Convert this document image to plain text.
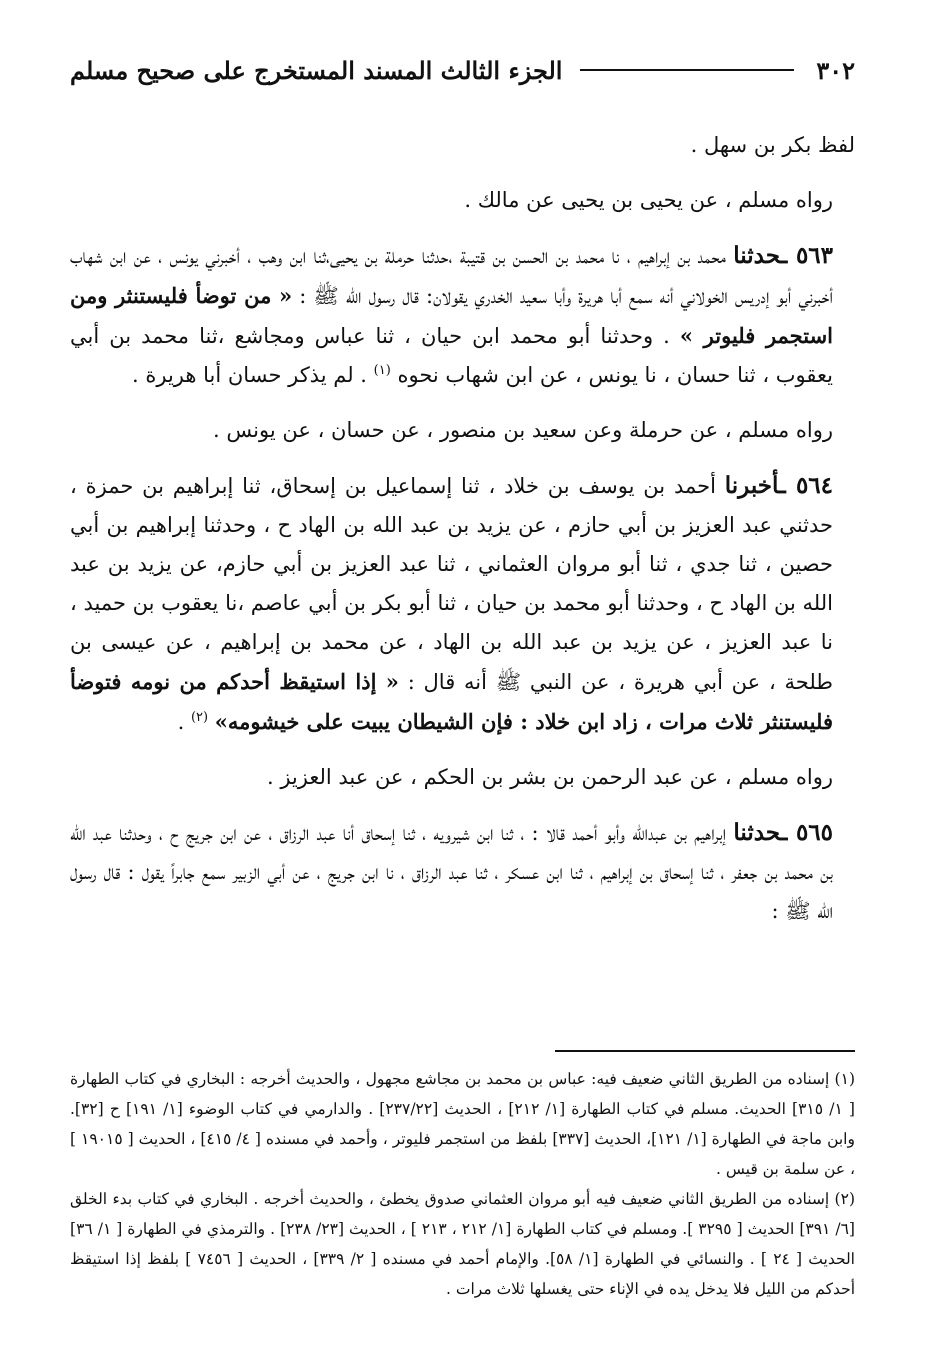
٣٠٢
الجزء الثالث المسند المستخرج على صحيح مسلم

لفظ بكر بن سهل .

رواه مسلم ، عن يحيى بن يحيى عن مالك .

٥٦٣ ـحدثنا محمد بن إبراهيم ، نا محمد بن الحسن بن قتيبة ،حدثنا حرملة بن يحيى،ثنا ابن وهب ، أخبرني يونس ، عن ابن شهاب أخبرني أبو إدريس الخولاني أنه سمع أبا هريرة وأبا سعيد الخدري يقولان: قال رسول الله ﷺ : « من توضأ فليستنثر ومن استجمر فليوتر » . وحدثنا أبو محمد ابن حيان ، ثنا عباس ومجاشع ،ثنا محمد بن أبي يعقوب ، ثنا حسان ، نا يونس ، عن ابن شهاب نحوه $^{(١)}$ . لم يذكر حسان أبا هريرة .

رواه مسلم ، عن حرملة وعن سعيد بن منصور ، عن حسان ، عن يونس .

٥٦٤ ـأخبرنا أحمد بن يوسف بن خلاد ، ثنا إسماعيل بن إسحاق، ثنا إبراهيم بن حمزة ، حدثني عبد العزيز بن أبي حازم ، عن يزيد بن عبد الله بن الهاد ح ، وحدثنا إبراهيم بن أبي حصين ، ثنا جدي ، ثنا أبو مروان العثماني ، ثنا عبد العزيز بن أبي حازم، عن يزيد بن عبد الله بن الهاد ح ، وحدثنا أبو محمد بن حيان ، ثنا أبو بكر بن أبي عاصم ،نا يعقوب بن حميد ، نا عبد العزيز ، عن يزيد بن عبد الله بن الهاد ، عن محمد بن إبراهيم ، عن عيسى بن طلحة ، عن أبي هريرة ، عن النبي ﷺ أنه قال : « إذا استيقظ أحدكم من نومه فتوضأ فليستنثر ثلاث مرات ، زاد ابن خلاد : فإن الشيطان يبيت على خيشومه» $^{(٢)}$ .

رواه مسلم ، عن عبد الرحمن بن بشر بن الحكم ، عن عبد العزيز .

٥٦٥ ـحدثنا إبراهيم بن عبدالله وأبو أحمد قالا : ، ثنا ابن شيرويه ، ثنا إسحاق أنا عبد الرزاق ، عن ابن جريج ح ، وحدثنا عبد الله بن محمد بن جعفر ، ثنا إسحاق بن إبراهيم ، ثنا ابن عسكر ، ثنا عبد الرزاق ، نا ابن جريج ، عن أبي الزبير سمع جابراً يقول : قال رسول الله ﷺ :

(١) إسناده من الطريق الثاني ضعيف فيه: عباس بن محمد بن مجاشع مجهول ، والحديث أخرجه : البخاري في كتاب الطهارة [ ١/ ٣١٥] الحديث. مسلم في كتاب الطهارة [١/ ٢١٢] ، الحديث [٢٣٧/٢٢] . والدارمي في كتاب الوضوء [١/ ١٩١] ح [٣٢]. وابن ماجة في الطهارة [١/ ١٢١]، الحديث [٣٣٧] بلفظ من استجمر فليوتر ، وأحمد في مسنده [ ٤/ ٤١٥] ، الحديث [ ١٩٠١٥ ] ، عن سلمة بن قيس .

(٢) إسناده من الطريق الثاني ضعيف فيه أبو مروان العثماني صدوق يخطئ ، والحديث أخرجه . البخاري في كتاب بدء الخلق [٦/ ٣٩١] الحديث [ ٣٢٩٥ ]. ومسلم في كتاب الطهارة [١/ ٢١٢ ، ٢١٣ ] ، الحديث [٢٣/ ٢٣٨] . والترمذي في الطهارة [ ١/ ٣٦] الحديث [ ٢٤ ] . والنسائي في الطهارة [١/ ٥٨]. والإمام أحمد في مسنده [ ٢/ ٣٣٩] ، الحديث [ ٧٤٥٦ ] بلفظ إذا استيقظ أحدكم من الليل فلا يدخل يده في الإناء حتى يغسلها ثلاث مرات .
